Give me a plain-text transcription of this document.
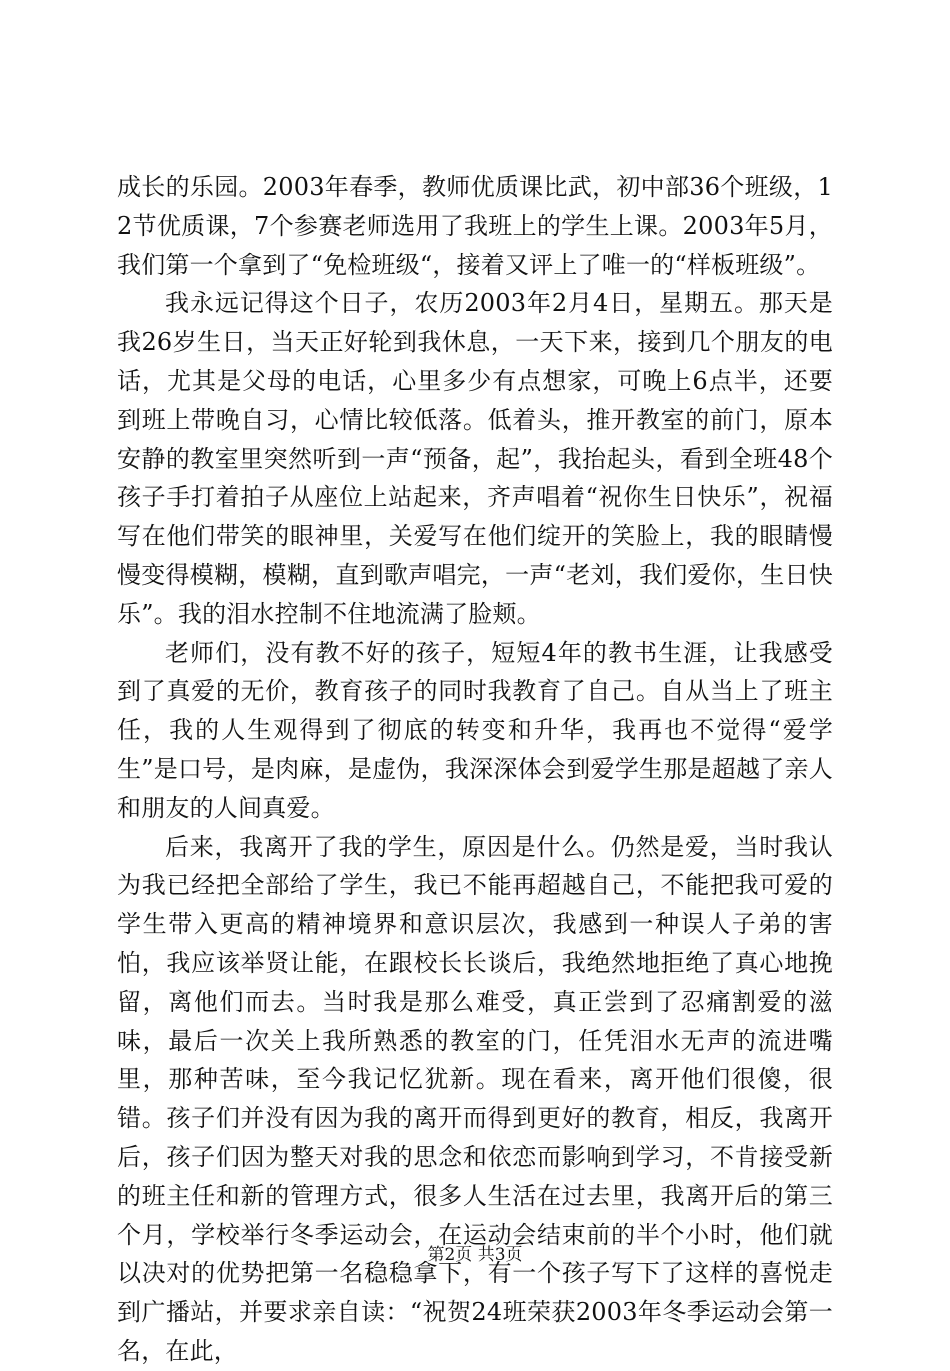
成长的乐园。2003年春季，教师优质课比武，初中部36个班级，12节优质课，7个参赛老师选用了我班上的学生上课。2003年5月，我们第一个拿到了“免检班级“，接着又评上了唯一的“样板班级”。

我永远记得这个日子，农历2003年2月4日，星期五。那天是我26岁生日，当天正好轮到我休息，一天下来，接到几个朋友的电话，尤其是父母的电话，心里多少有点想家，可晚上6点半，还要到班上带晚自习，心情比较低落。低着头，推开教室的前门，原本安静的教室里突然听到一声“预备，起”，我抬起头，看到全班48个孩子手打着拍子从座位上站起来，齐声唱着“祝你生日快乐”，祝福写在他们带笑的眼神里，关爱写在他们绽开的笑脸上，我的眼睛慢慢变得模糊，模糊，直到歌声唱完，一声“老刘，我们爱你，生日快乐”。我的泪水控制不住地流满了脸颊。

老师们，没有教不好的孩子，短短4年的教书生涯，让我感受到了真爱的无价，教育孩子的同时我教育了自己。自从当上了班主任，我的人生观得到了彻底的转变和升华，我再也不觉得“爱学生”是口号，是肉麻，是虚伪，我深深体会到爱学生那是超越了亲人和朋友的人间真爱。

后来，我离开了我的学生，原因是什么。仍然是爱，当时我认为我已经把全部给了学生，我已不能再超越自己，不能把我可爱的学生带入更高的精神境界和意识层次，我感到一种误人子弟的害怕，我应该举贤让能，在跟校长长谈后，我绝然地拒绝了真心地挽留，离他们而去。当时我是那么难受，真正尝到了忍痛割爱的滋味，最后一次关上我所熟悉的教室的门，任凭泪水无声的流进嘴里，那种苦味，至今我记忆犹新。现在看来，离开他们很傻，很错。孩子们并没有因为我的离开而得到更好的教育，相反，我离开后，孩子们因为整天对我的思念和依恋而影响到学习，不肯接受新的班主任和新的管理方式，很多人生活在过去里，我离开后的第三个月，学校举行冬季运动会，在运动会结束前的半个小时，他们就以决对的优势把第一名稳稳拿下，有一个孩子写下了这样的喜悦走到广播站，并要求亲自读：“祝贺24班荣获2003年冬季运动会第一名，在此，

第2页 共3页
